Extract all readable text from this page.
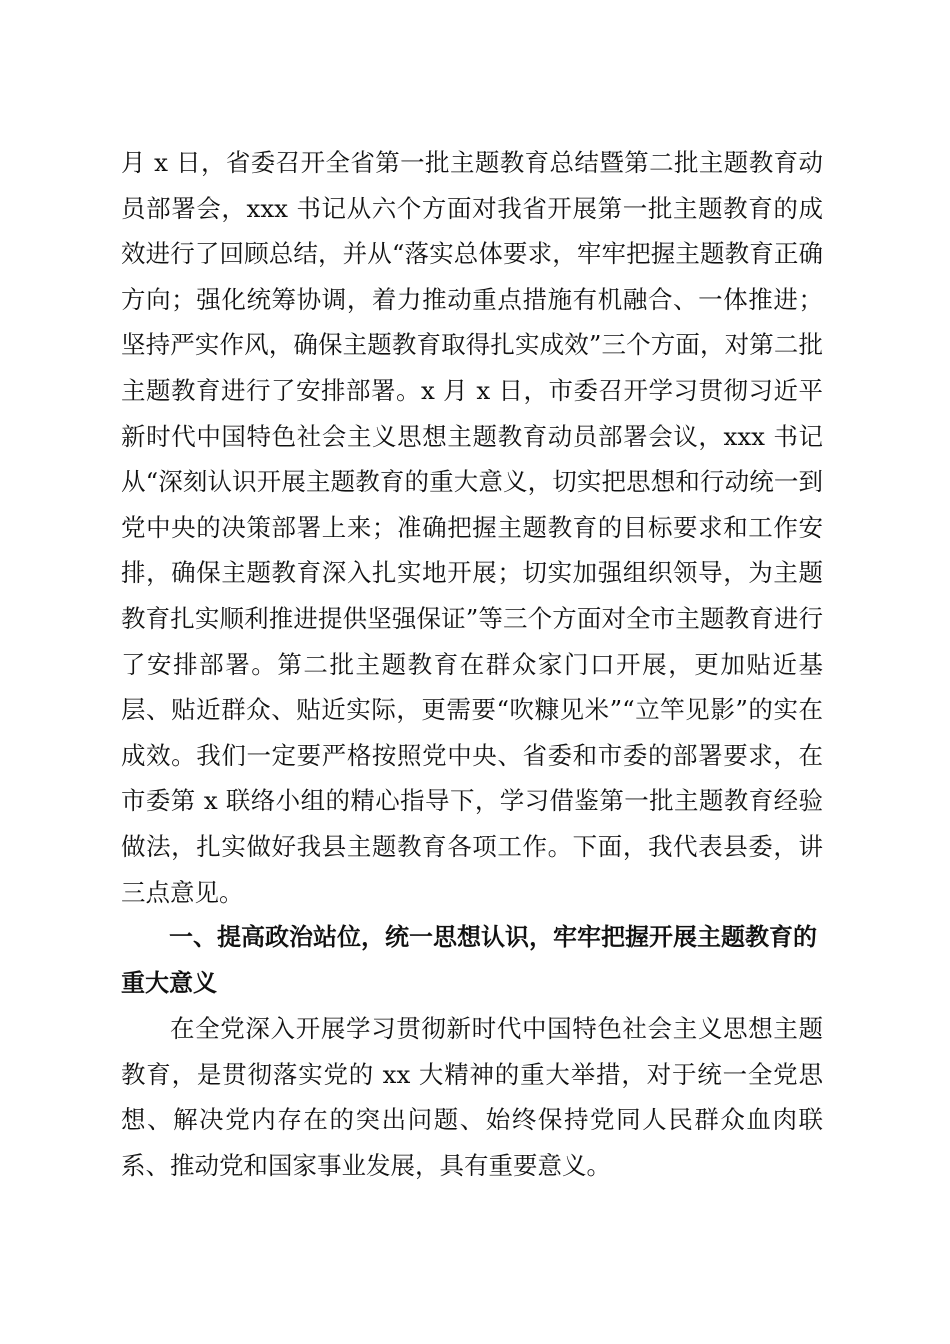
月 x 日，省委召开全省第一批主题教育总结暨第二批主题教育动员部署会，xxx 书记从六个方面对我省开展第一批主题教育的成效进行了回顾总结，并从“落实总体要求，牢牢把握主题教育正确方向；强化统筹协调，着力推动重点措施有机融合、一体推进；坚持严实作风，确保主题教育取得扎实成效”三个方面，对第二批主题教育进行了安排部署。x 月 x 日，市委召开学习贯彻习近平新时代中国特色社会主义思想主题教育动员部署会议，xxx 书记从“深刻认识开展主题教育的重大意义，切实把思想和行动统一到党中央的决策部署上来；准确把握主题教育的目标要求和工作安排，确保主题教育深入扎实地开展；切实加强组织领导，为主题教育扎实顺利推进提供坚强保证”等三个方面对全市主题教育进行了安排部署。第二批主题教育在群众家门口开展，更加贴近基层、贴近群众、贴近实际，更需要“吹糠见米”“立竿见影”的实在成效。我们一定要严格按照党中央、省委和市委的部署要求，在市委第 x 联络小组的精心指导下，学习借鉴第一批主题教育经验做法，扎实做好我县主题教育各项工作。下面，我代表县委，讲三点意见。

一、提高政治站位，统一思想认识，牢牢把握开展主题教育的重大意义

在全党深入开展学习贯彻新时代中国特色社会主义思想主题教育，是贯彻落实党的 xx 大精神的重大举措，对于统一全党思想、解决党内存在的突出问题、始终保持党同人民群众血肉联系、推动党和国家事业发展，具有重要意义。
